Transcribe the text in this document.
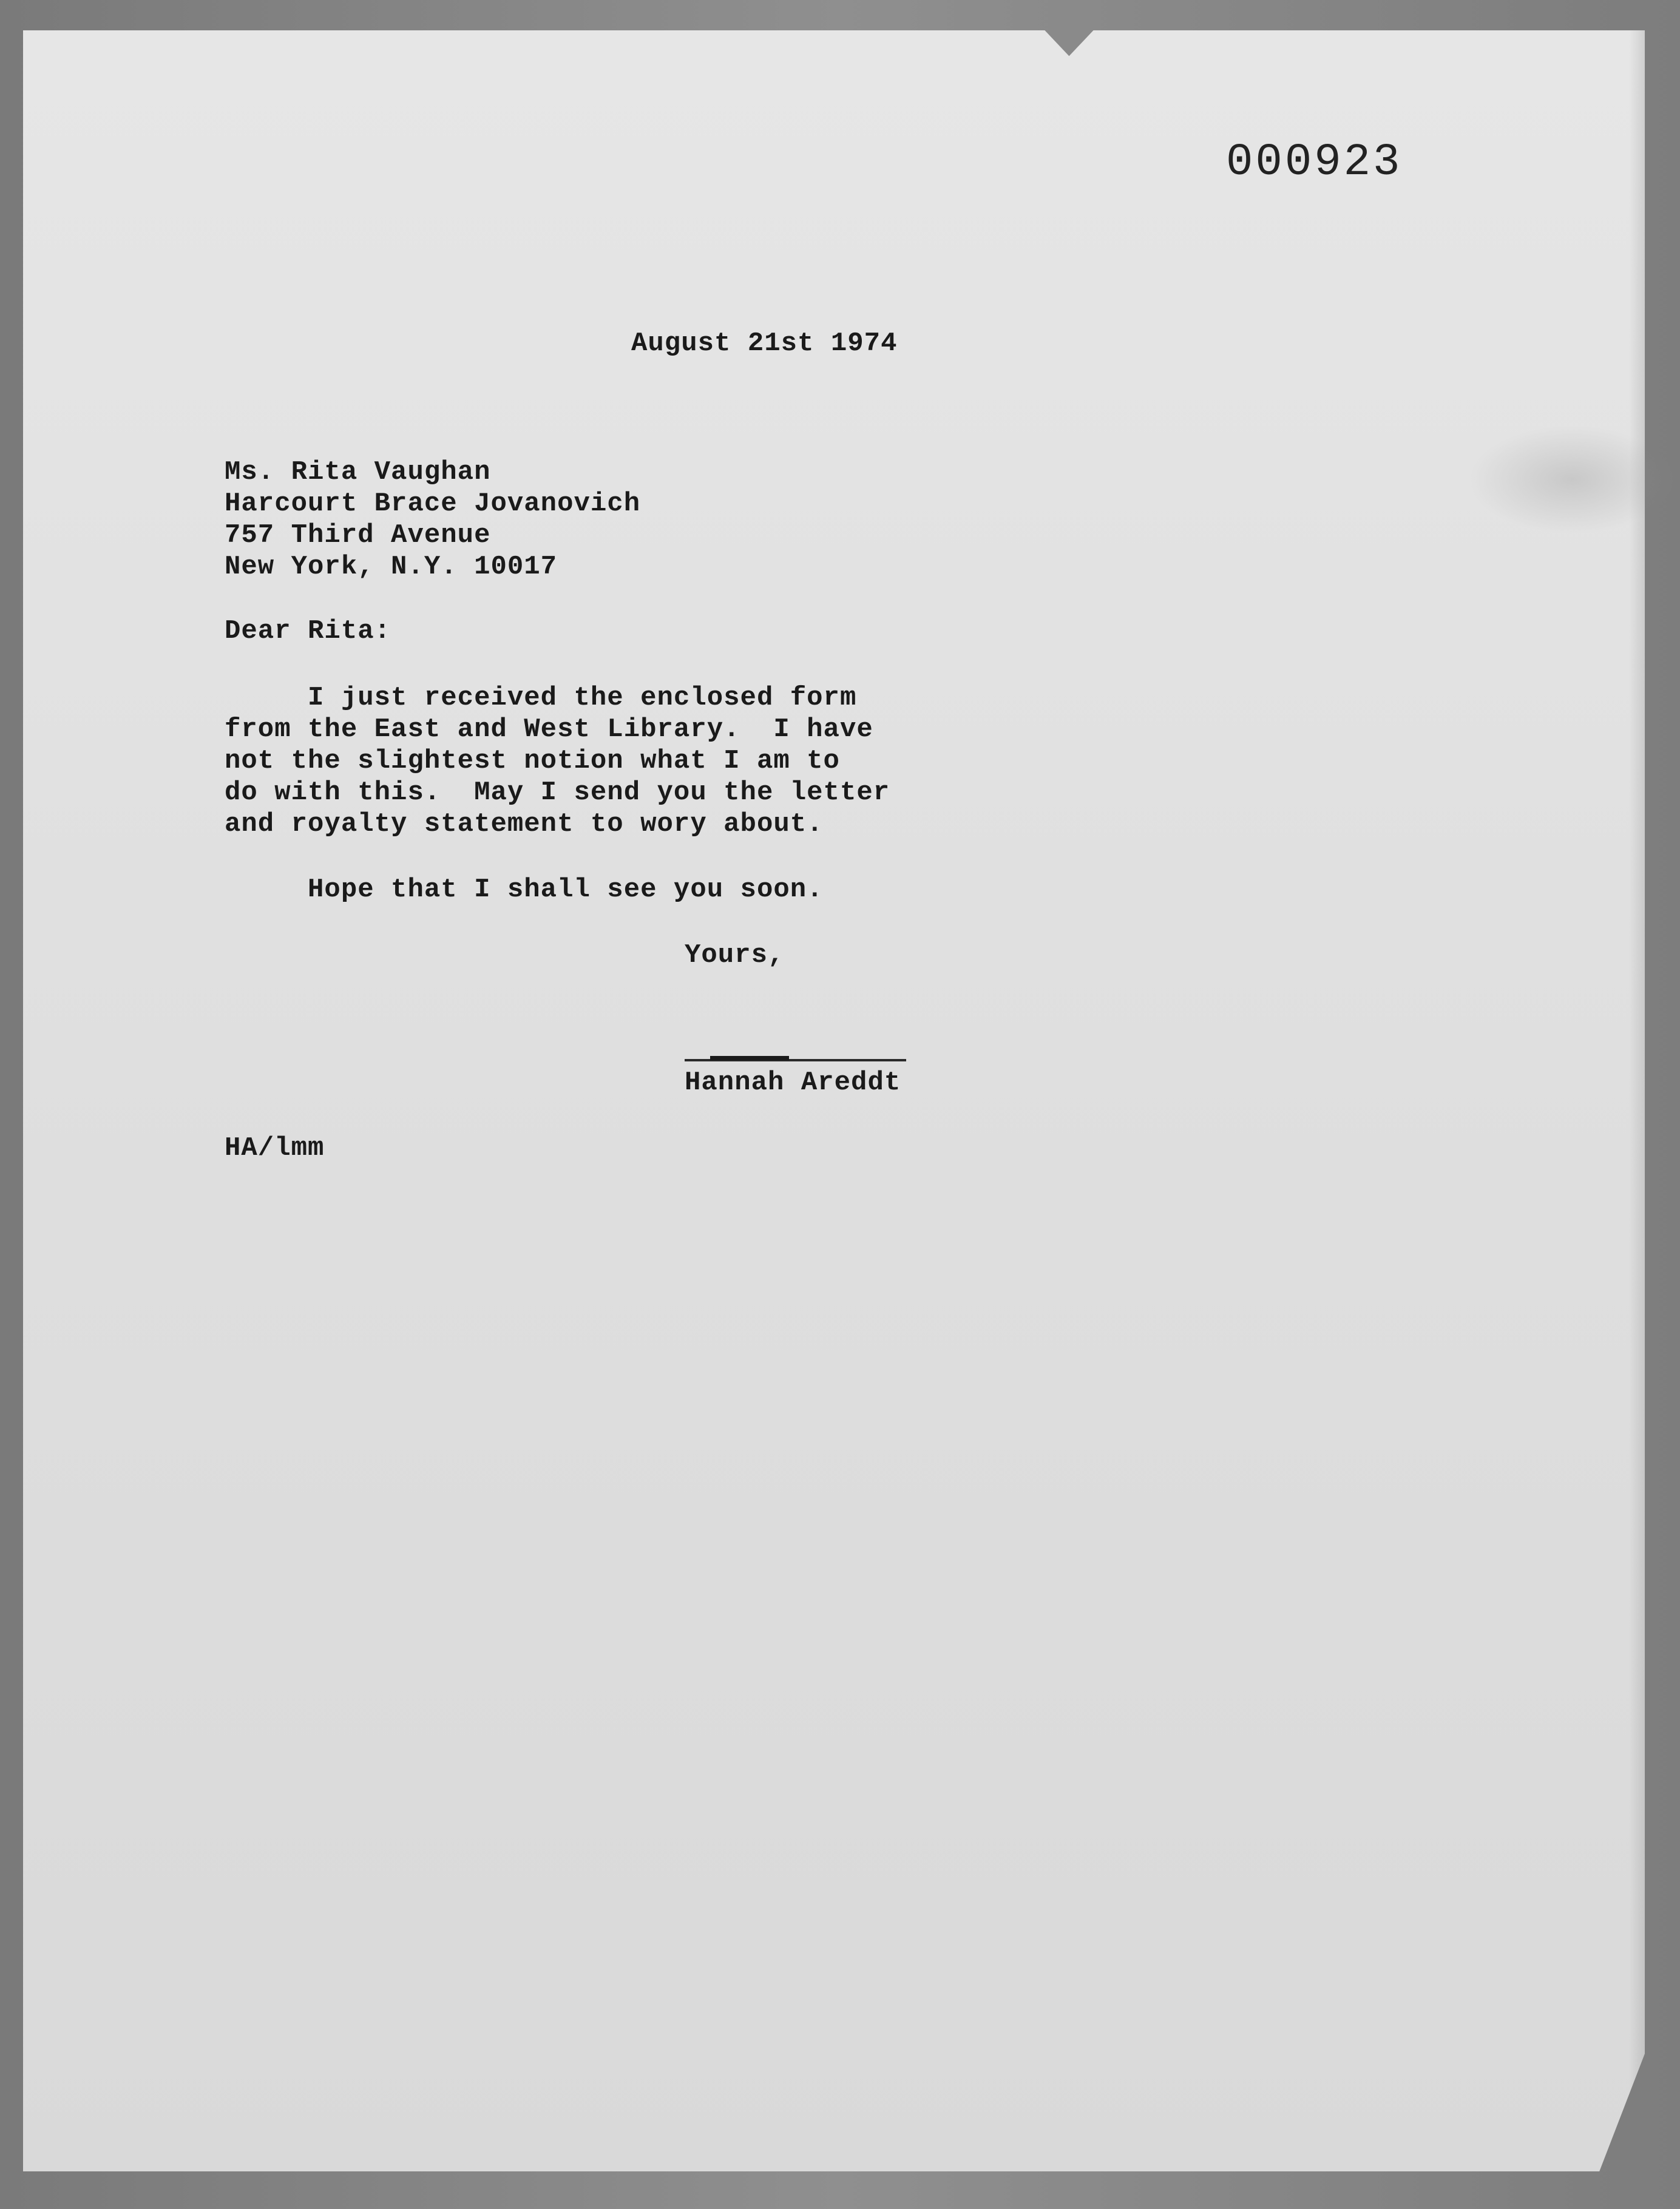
000923
August 21st 1974
Ms. Rita Vaughan
Harcourt Brace Jovanovich
757 Third Avenue
New York, N.Y. 10017
Dear Rita:
I just received the enclosed form
from the East and West Library.  I have
not the slightest notion what I am to
do with this.  May I send you the letter
and royalty statement to wory about.
Hope that I shall see you soon.
Yours,
Hannah Areddt
HA/lmm
